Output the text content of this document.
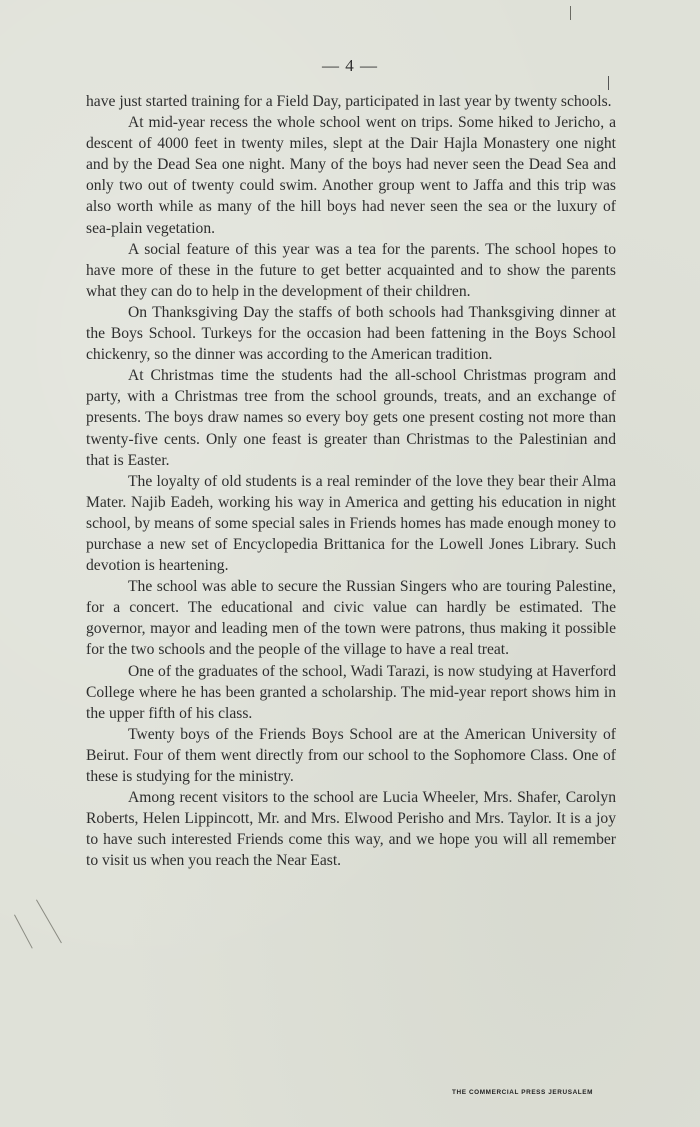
— 4 —

have just started training for a Field Day, participated in last year by twenty schools.

At mid-year recess the whole school went on trips. Some hiked to Jericho, a descent of 4000 feet in twenty miles, slept at the Dair Hajla Monastery one night and by the Dead Sea one night. Many of the boys had never seen the Dead Sea and only two out of twenty could swim. Another group went to Jaffa and this trip was also worth while as many of the hill boys had never seen the sea or the luxury of sea-plain vegetation.

A social feature of this year was a tea for the parents. The school hopes to have more of these in the future to get better acquainted and to show the parents what they can do to help in the development of their children.

On Thanksgiving Day the staffs of both schools had Thanksgiving dinner at the Boys School. Turkeys for the occasion had been fattening in the Boys School chickenry, so the dinner was according to the American tradition.

At Christmas time the students had the all-school Christmas program and party, with a Christmas tree from the school grounds, treats, and an exchange of presents. The boys draw names so every boy gets one present costing not more than twenty-five cents. Only one feast is greater than Christmas to the Palestinian and that is Easter.

The loyalty of old students is a real reminder of the love they bear their Alma Mater. Najib Eadeh, working his way in America and getting his education in night school, by means of some special sales in Friends homes has made enough money to purchase a new set of Encyclopedia Brittanica for the Lowell Jones Library. Such devotion is heartening.

The school was able to secure the Russian Singers who are touring Palestine, for a concert. The educational and civic value can hardly be estimated. The governor, mayor and leading men of the town were patrons, thus making it possible for the two schools and the people of the village to have a real treat.

One of the graduates of the school, Wadi Tarazi, is now studying at Haverford College where he has been granted a scholarship. The mid-year report shows him in the upper fifth of his class.

Twenty boys of the Friends Boys School are at the American University of Beirut. Four of them went directly from our school to the Sophomore Class. One of these is studying for the ministry.

Among recent visitors to the school are Lucia Wheeler, Mrs. Shafer, Carolyn Roberts, Helen Lippincott, Mr. and Mrs. Elwood Perisho and Mrs. Taylor. It is a joy to have such interested Friends come this way, and we hope you will all remember to visit us when you reach the Near East.

THE COMMERCIAL PRESS JERUSALEM
